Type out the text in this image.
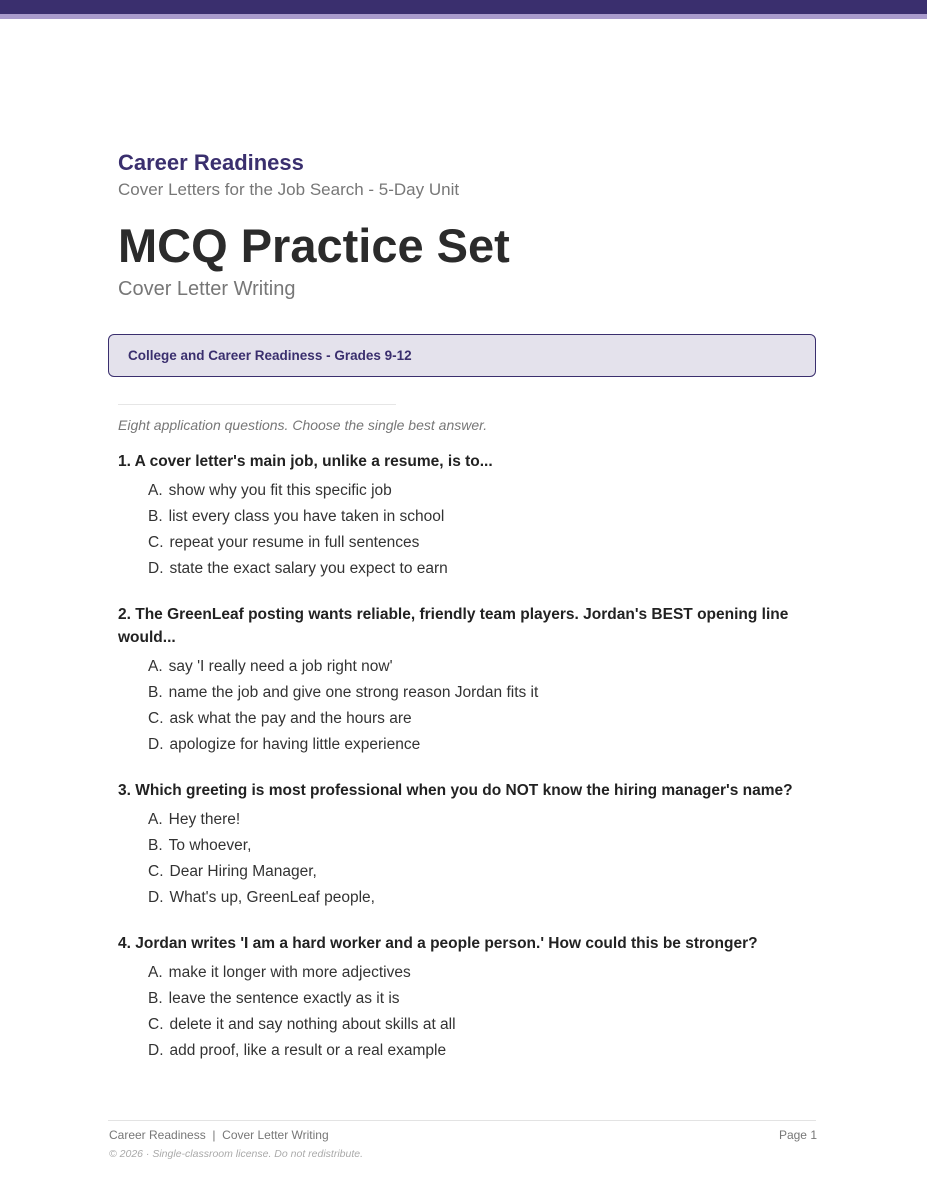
Career Readiness
Cover Letters for the Job Search - 5-Day Unit
MCQ Practice Set
Cover Letter Writing
College and Career Readiness - Grades 9-12
Eight application questions. Choose the single best answer.
1. A cover letter's main job, unlike a resume, is to...
A. show why you fit this specific job
B. list every class you have taken in school
C. repeat your resume in full sentences
D. state the exact salary you expect to earn
2. The GreenLeaf posting wants reliable, friendly team players. Jordan's BEST opening line would...
A. say 'I really need a job right now'
B. name the job and give one strong reason Jordan fits it
C. ask what the pay and the hours are
D. apologize for having little experience
3. Which greeting is most professional when you do NOT know the hiring manager's name?
A. Hey there!
B. To whoever,
C. Dear Hiring Manager,
D. What's up, GreenLeaf people,
4. Jordan writes 'I am a hard worker and a people person.' How could this be stronger?
A. make it longer with more adjectives
B. leave the sentence exactly as it is
C. delete it and say nothing about skills at all
D. add proof, like a result or a real example
Career Readiness  |  Cover Letter Writing	Page 1
© 2026 · Single-classroom license. Do not redistribute.
